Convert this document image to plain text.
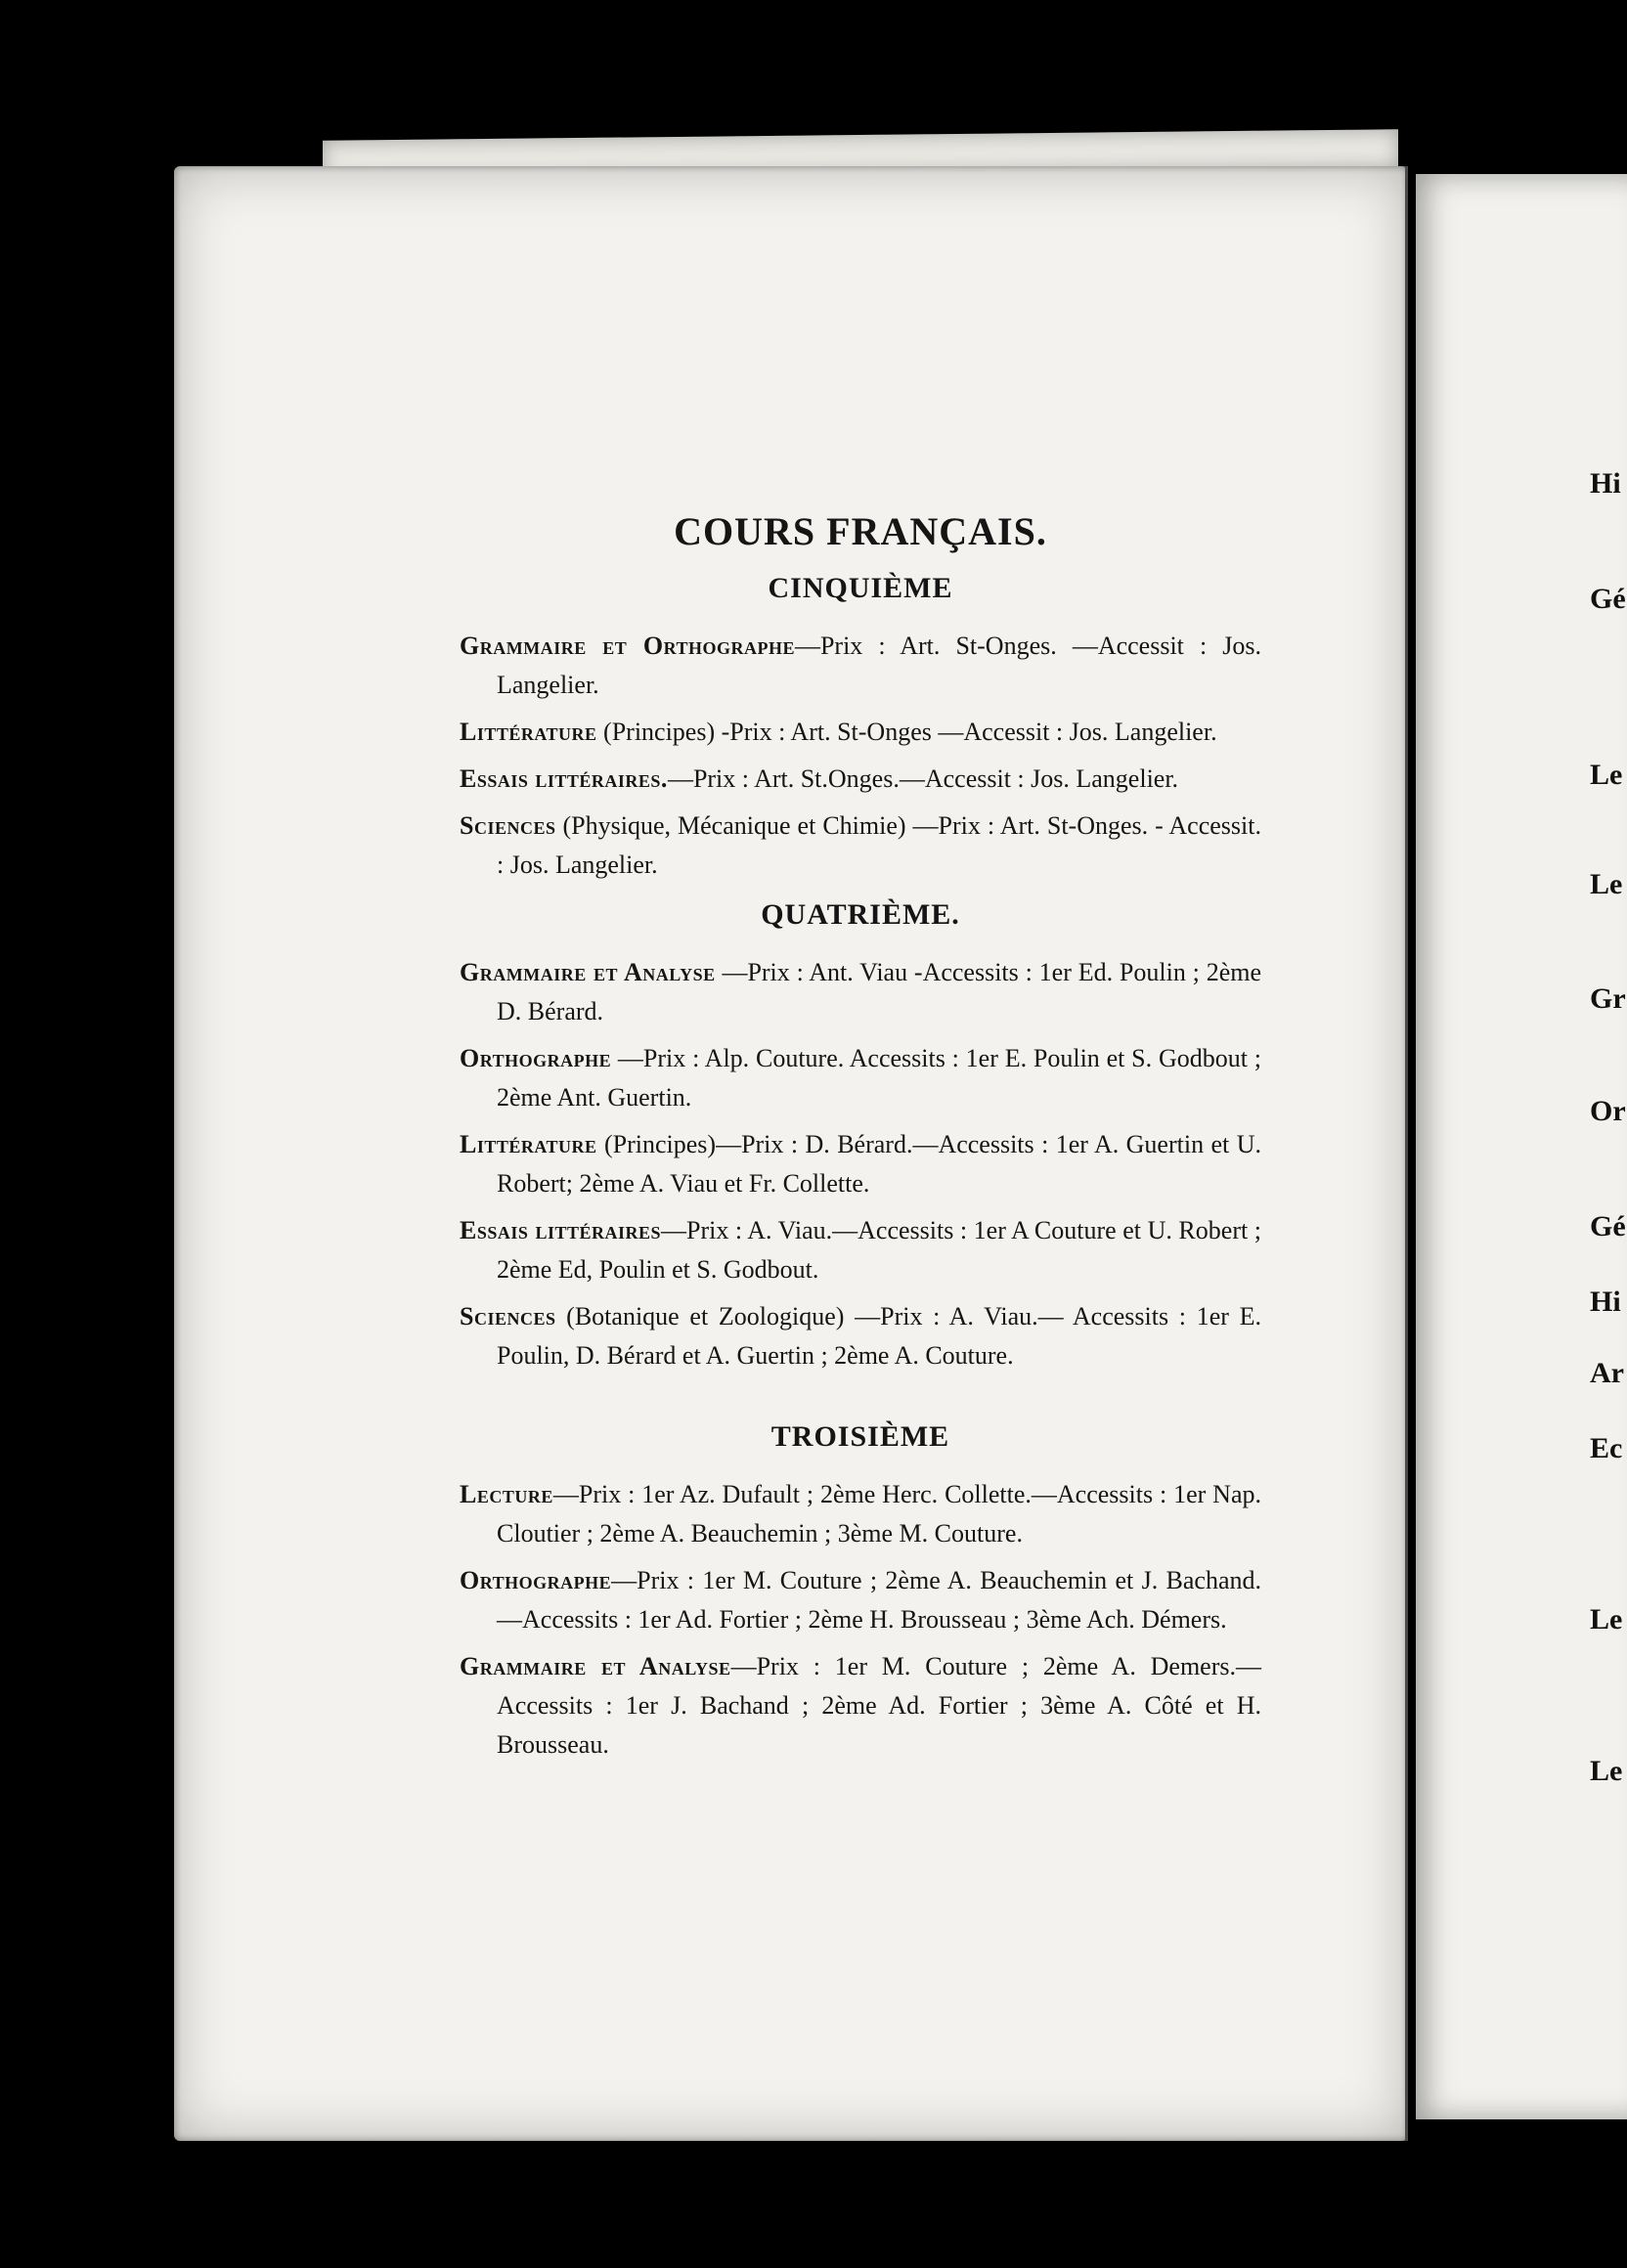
Hi
Gé
Le
Le
Gr
Or
Gé
Hi
Ar
Ec
Le
Le
COURS FRANÇAIS.
CINQUIÈME

Grammaire et Orthographe—Prix : Art. St-Onges. —Accessit : Jos. Langelier.

Littérature (Principes) -Prix : Art. St-Onges —Accessit : Jos. Langelier.

Essais littéraires.—Prix : Art. St.Onges.—Accessit : Jos. Langelier.

Sciences (Physique, Mécanique et Chimie) —Prix : Art. St-Onges. - Accessit. : Jos. Langelier.

QUATRIÈME.

Grammaire et Analyse —Prix : Ant. Viau -Accessits : 1er Ed. Poulin ; 2ème D. Bérard.

Orthographe —Prix : Alp. Couture. Accessits : 1er E. Poulin et S. Godbout ; 2ème Ant. Guertin.

Littérature (Principes)—Prix : D. Bérard.—Accessits : 1er A. Guertin et U. Robert; 2ème A. Viau et Fr. Collette.

Essais littéraires—Prix : A. Viau.—Accessits : 1er A Couture et U. Robert ; 2ème Ed, Poulin et S. Godbout.

Sciences (Botanique et Zoologique) —Prix : A. Viau.— Accessits : 1er E. Poulin, D. Bérard et A. Guertin ; 2ème A. Couture.

TROISIÈME

Lecture—Prix : 1er Az. Dufault ; 2ème Herc. Collette.—Accessits : 1er Nap. Cloutier ; 2ème A. Beauchemin ; 3ème M. Couture.

Orthographe—Prix : 1er M. Couture ; 2ème A. Beauchemin et J. Bachand.—Accessits : 1er Ad. Fortier ; 2ème H. Brousseau ; 3ème Ach. Démers.

Grammaire et Analyse—Prix : 1er M. Couture ; 2ème A. Demers.—Accessits : 1er J. Bachand ; 2ème Ad. Fortier ; 3ème A. Côté et H. Brousseau.
